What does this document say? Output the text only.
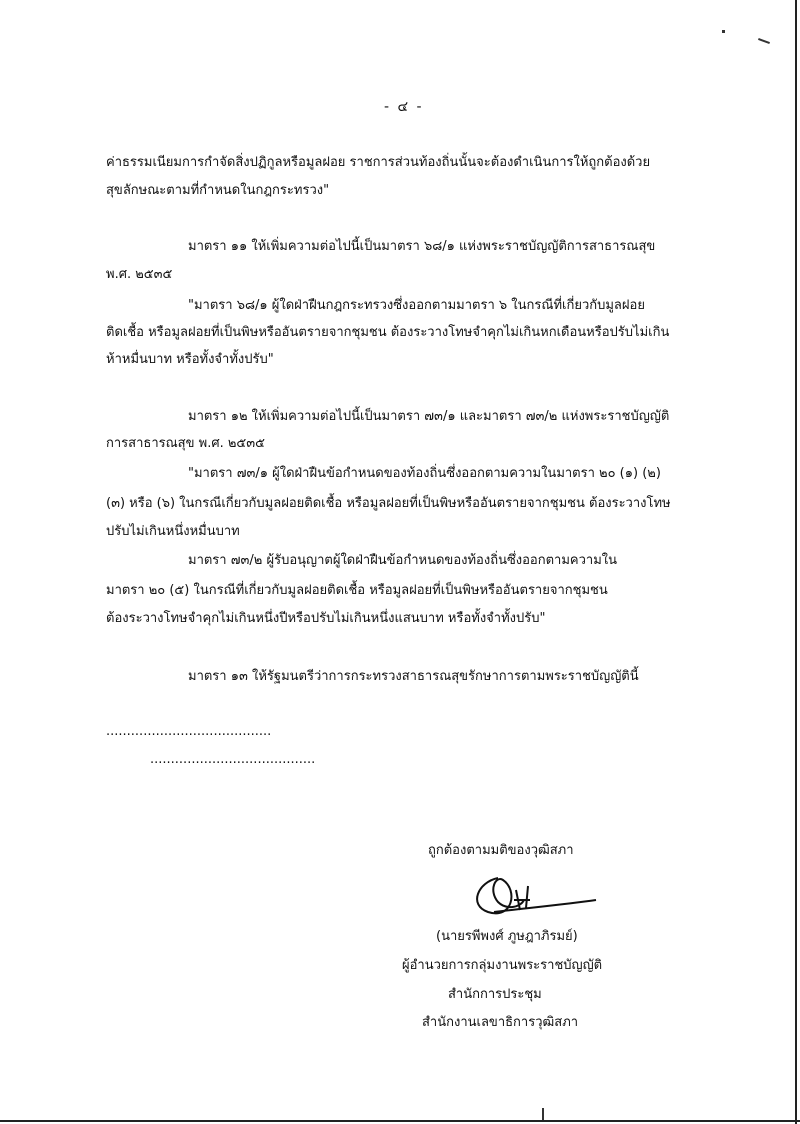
- ๔ -
ค่าธรรมเนียมการกำจัดสิ่งปฏิกูลหรือมูลฝอย ราชการส่วนท้องถิ่นนั้นจะต้องดำเนินการให้ถูกต้องด้วย
สุขลักษณะตามที่กำหนดในกฎกระทรวง"
มาตรา ๑๑ ให้เพิ่มความต่อไปนี้เป็นมาตรา ๖๘/๑ แห่งพระราชบัญญัติการสาธารณสุข
พ.ศ. ๒๕๓๕
"มาตรา ๖๘/๑ ผู้ใดฝ่าฝืนกฎกระทรวงซึ่งออกตามมาตรา ๖ ในกรณีที่เกี่ยวกับมูลฝอย
ติดเชื้อ หรือมูลฝอยที่เป็นพิษหรืออันตรายจากชุมชน ต้องระวางโทษจำคุกไม่เกินหกเดือนหรือปรับไม่เกิน
ห้าหมื่นบาท หรือทั้งจำทั้งปรับ"
มาตรา ๑๒ ให้เพิ่มความต่อไปนี้เป็นมาตรา ๗๓/๑ และมาตรา ๗๓/๒ แห่งพระราชบัญญัติ
การสาธารณสุข พ.ศ. ๒๕๓๕
"มาตรา ๗๓/๑ ผู้ใดฝ่าฝืนข้อกำหนดของท้องถิ่นซึ่งออกตามความในมาตรา ๒๐ (๑) (๒)
(๓) หรือ (๖) ในกรณีเกี่ยวกับมูลฝอยติดเชื้อ หรือมูลฝอยที่เป็นพิษหรืออันตรายจากชุมชน ต้องระวางโทษ
ปรับไม่เกินหนึ่งหมื่นบาท
มาตรา ๗๓/๒ ผู้รับอนุญาตผู้ใดฝ่าฝืนข้อกำหนดของท้องถิ่นซึ่งออกตามความใน
มาตรา ๒๐ (๕) ในกรณีที่เกี่ยวกับมูลฝอยติดเชื้อ หรือมูลฝอยที่เป็นพิษหรืออันตรายจากชุมชน
ต้องระวางโทษจำคุกไม่เกินหนึ่งปีหรือปรับไม่เกินหนึ่งแสนบาท หรือทั้งจำทั้งปรับ"
มาตรา ๑๓ ให้รัฐมนตรีว่าการกระทรวงสาธารณสุขรักษาการตามพระราชบัญญัตินี้
........................................
........................................
ถูกต้องตามมติของวุฒิสภา
(นายรพีพงศ์ ภูษฎาภิรมย์)
ผู้อำนวยการกลุ่มงานพระราชบัญญัติ
สำนักการประชุม
สำนักงานเลขาธิการวุฒิสภา
